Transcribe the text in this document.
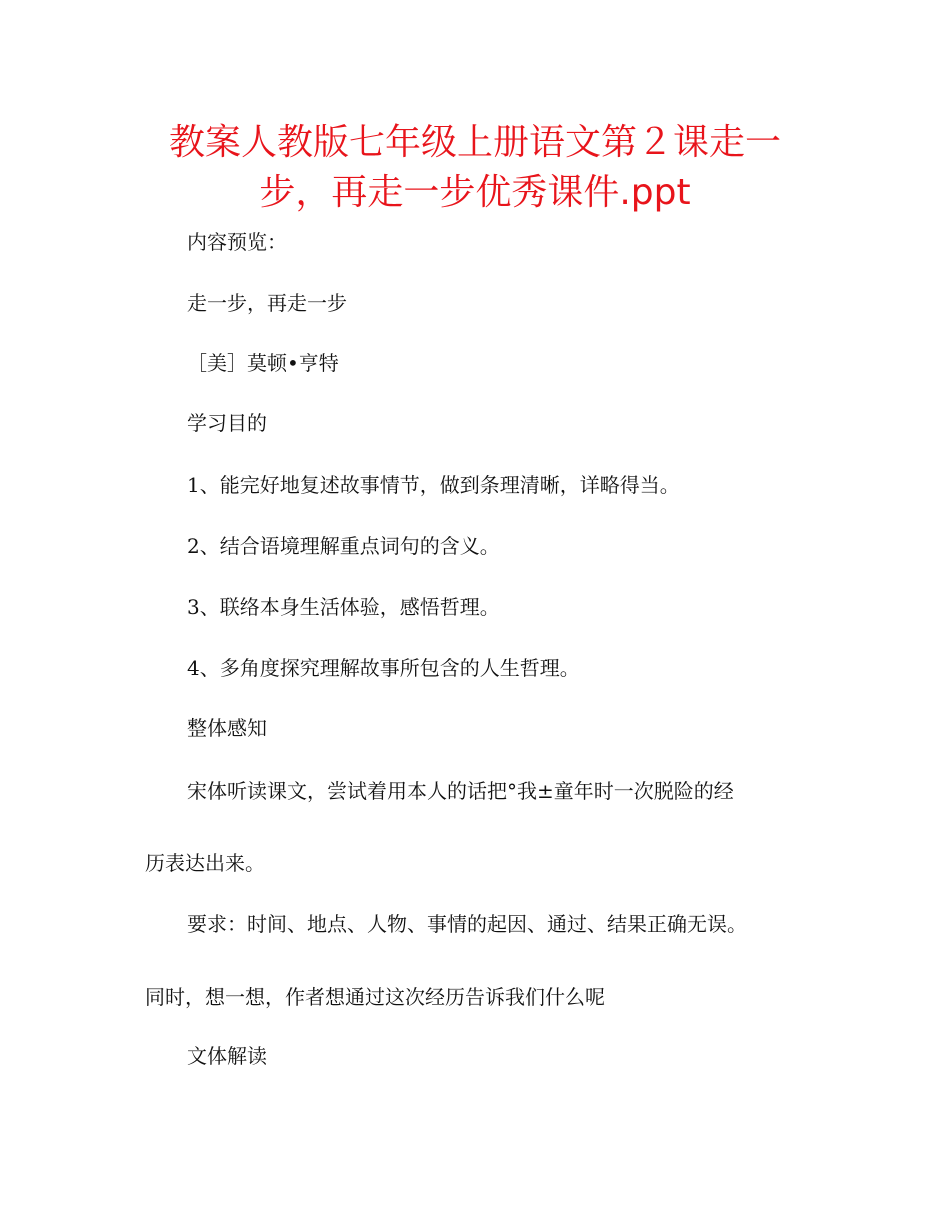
教案人教版七年级上册语文第２课走一
步，再走一步优秀课件.ppt

内容预览：

走一步，再走一步

［美］莫顿•亨特

学习目的

1、能完好地复述故事情节，做到条理清晰，详略得当。

2、结合语境理解重点词句的含义。

3、联络本身生活体验，感悟哲理。

4、多角度探究理解故事所包含的人生哲理。

整体感知

宋体听读课文，尝试着用本人的话把°我±童年时一次脱险的经

历表达出来。

要求：时间、地点、人物、事情的起因、通过、结果正确无误。

同时，想一想，作者想通过这次经历告诉我们什么呢

文体解读
